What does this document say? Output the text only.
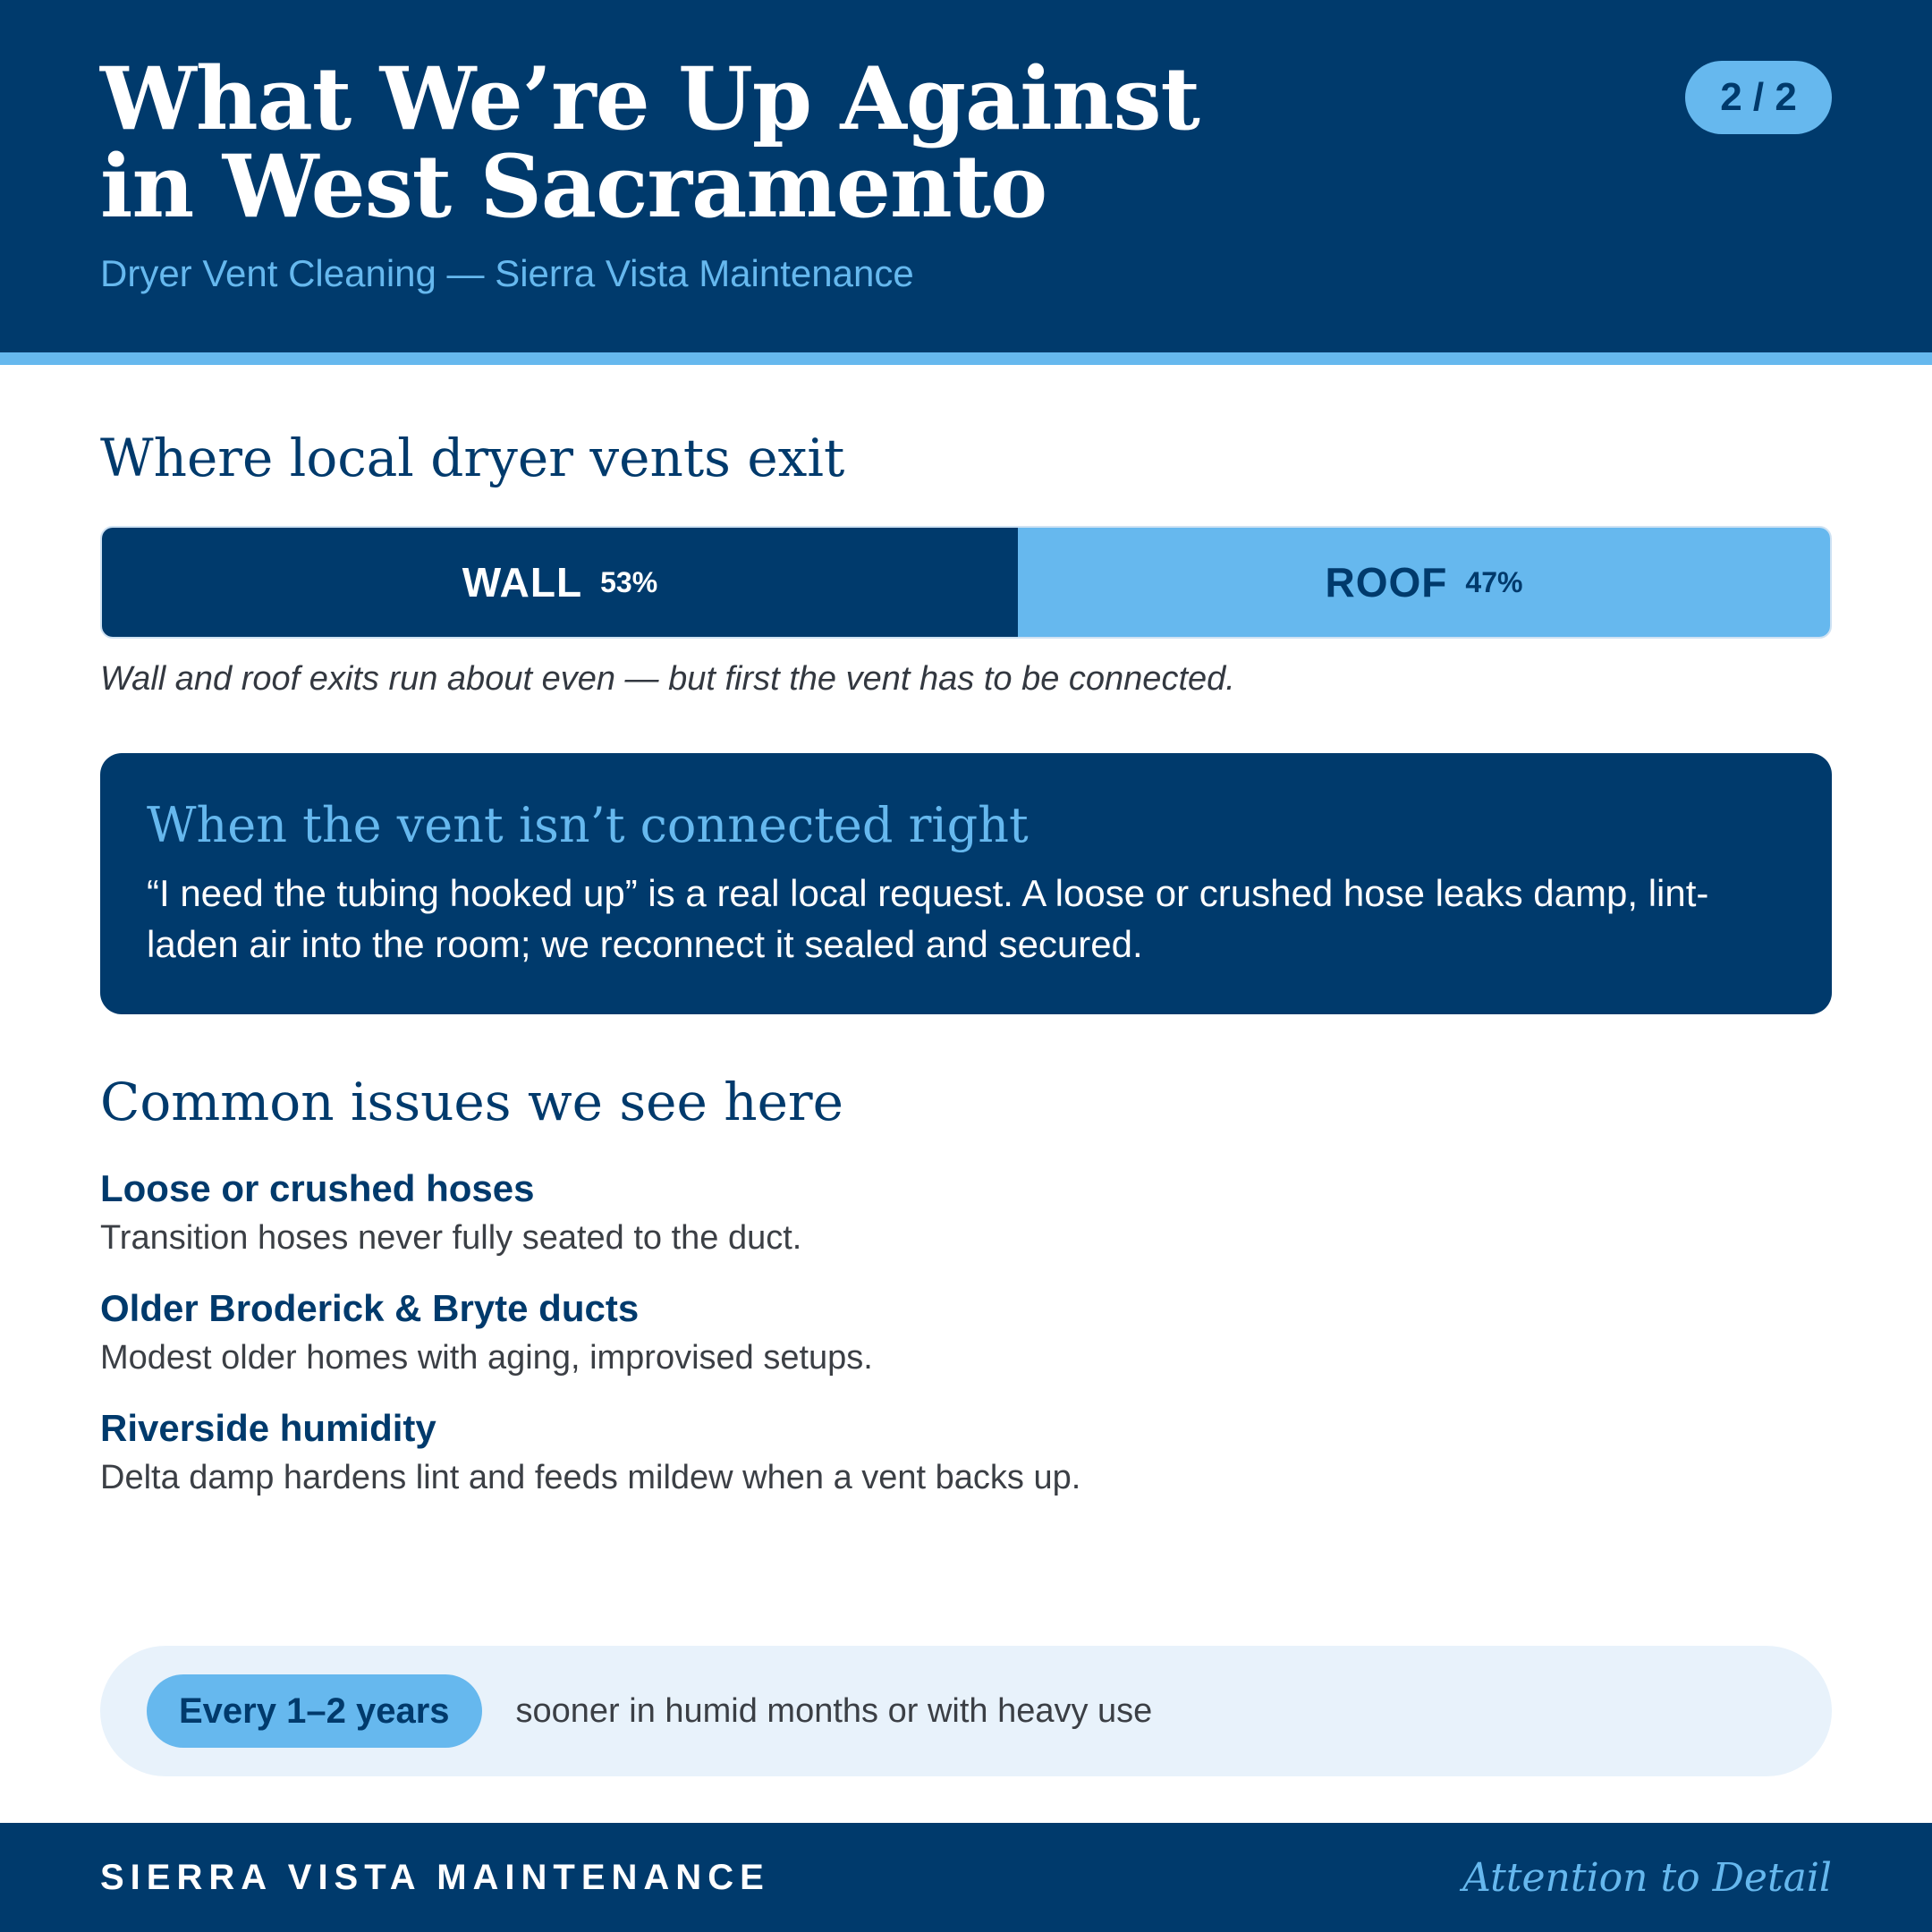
What We’re Up Against
in West Sacramento

Dryer Vent Cleaning — Sierra Vista Maintenance

2 / 2
Where local dryer vents exit
WALL 53%	ROOF 47%

Wall and roof exits run about even — but first the vent has to be connected.

When the vent isn’t connected right

“I need the tubing hooked up” is a real local request. A loose or crushed hose leaks damp, lint-laden air into the room; we reconnect it sealed and secured.

Common issues we see here

Loose or crushed hoses

Transition hoses never fully seated to the duct.

Older Broderick & Bryte ducts

Modest older homes with aging, improvised setups.

Riverside humidity

Delta damp hardens lint and feeds mildew when a vent backs up.

Every 1–2 years	sooner in humid months or with heavy use
SIERRA VISTA MAINTENANCE	Attention to Detail
